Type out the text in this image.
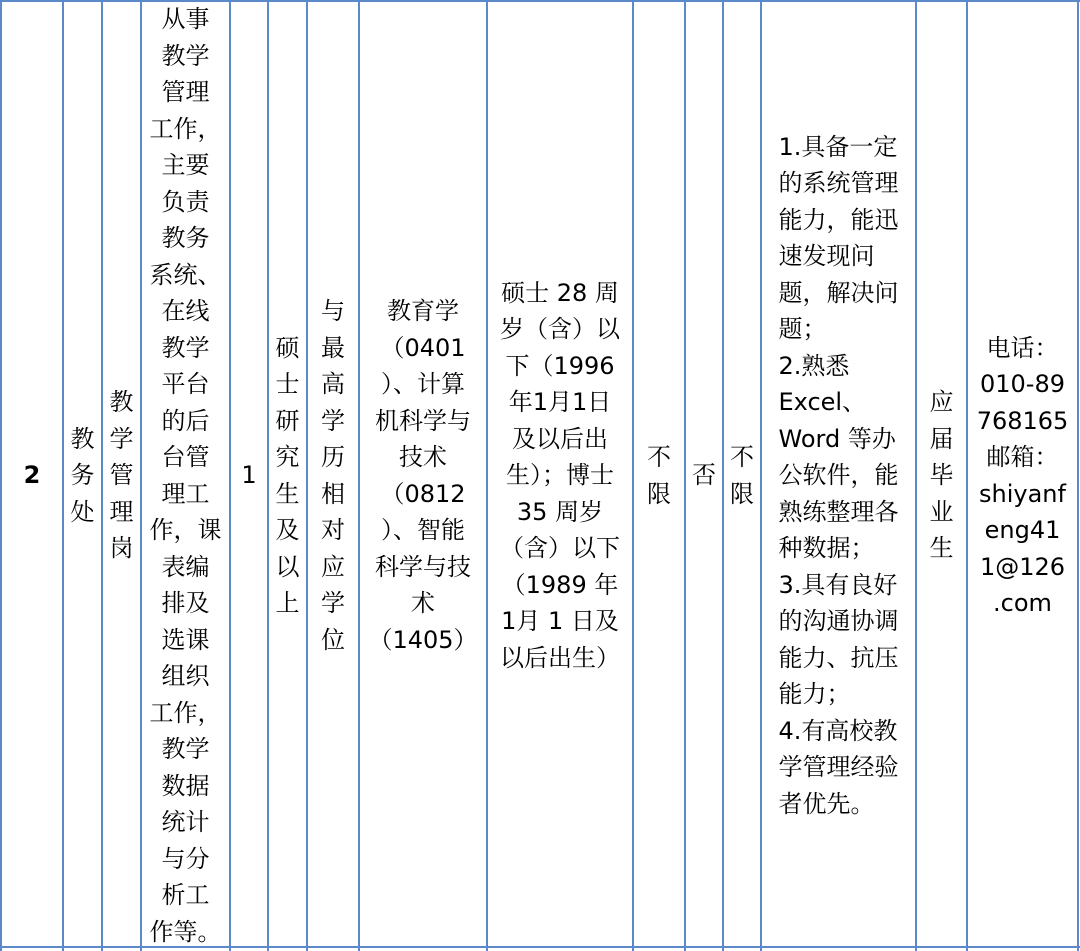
2
教
务
处
教
学
管
理
岗
从事
教学
管理
工作，
主要
负责
教务
系统、
在线
教学
平台
的后
台管
理工
作，课
表编
排及
选课
组织
工作，
教学
数据
统计
与分
析工
作等。
1
硕
士
研
究
生
及
以
上
与
最
高
学
历
相
对
应
学
位
教育学
（0401
）、计算
机科学与
技术
（0812
）、智能
科学与技
术
（1405）
硕士 28 周
岁（含）以
下（1996
年1月1日
及以后出
生）；博士
35 周岁
（含）以下
（1989 年
1月 1 日及
以后出生）
不
限
否
不
限
1.具备一定
的系统管理
能力，能迅
速发现问
题，解决问
题；
2.熟悉
Excel、
Word 等办
公软件，能
熟练整理各
种数据；
3.具有良好
的沟通协调
能力、抗压
能力；
4.有高校教
学管理经验
者优先。
应
届
毕
业
生
电话：
010-89
768165
邮箱：
shiyanf
eng41
1@126
.com
